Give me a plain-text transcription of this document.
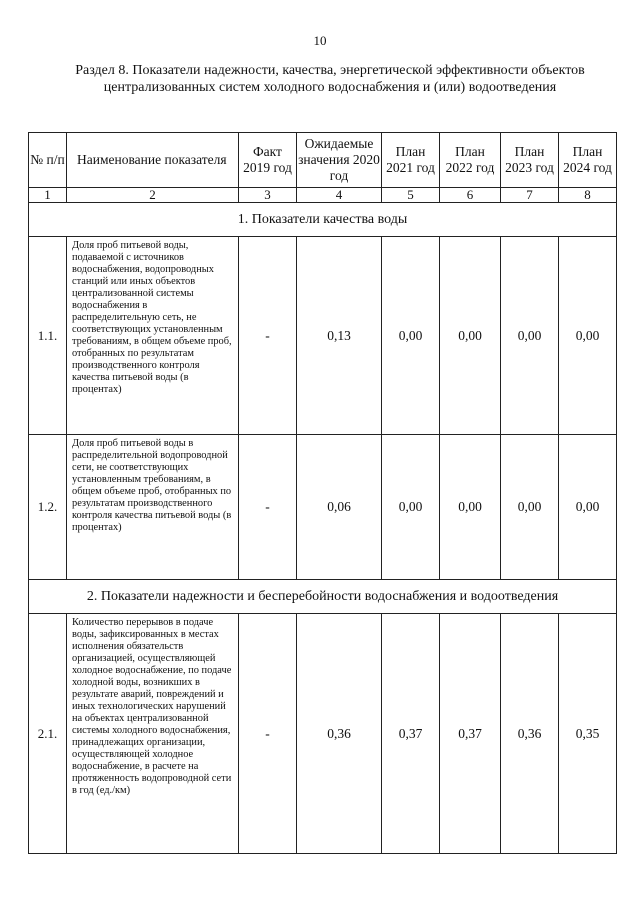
10
Раздел 8. Показатели надежности, качества, энергетической эффективности объектов централизованных систем холодного водоснабжения и (или) водоотведения
№ п/п	Наименование показателя	Факт 2019 год	Ожидаемые значения 2020 год	План 2021 год	План 2022 год	План 2023 год	План 2024 год
1	2	3	4	5	6	7	8
1. Показатели качества воды							
1.1.	Доля проб питьевой воды, подаваемой с источников водоснабжения, водопроводных станций или иных объектов централизованной системы водоснабжения в распределительную сеть, не соответствующих установленным требованиям, в общем объеме проб, отобранных по результатам производственного контроля качества питьевой воды (в процентах)	-	0,13	0,00	0,00	0,00	0,00
1.2.	Доля проб питьевой воды в распределительной водопроводной сети, не соответствующих установленным требованиям, в общем объеме проб, отобранных по результатам производственного контроля качества питьевой воды (в процентах)	-	0,06	0,00	0,00	0,00	0,00
2. Показатели надежности и бесперебойности водоснабжения и водоотведения							
2.1.	Количество перерывов в подаче воды, зафиксированных в местах исполнения обязательств организацией, осуществляющей холодное водоснабжение, по подаче холодной воды, возникших в результате аварий, повреждений и иных технологических нарушений на объектах централизованной системы холодного водоснабжения, принадлежащих организации, осуществляющей холодное водоснабжение, в расчете на протяженность водопроводной сети в год (ед./км)	-	0,36	0,37	0,37	0,36	0,35
